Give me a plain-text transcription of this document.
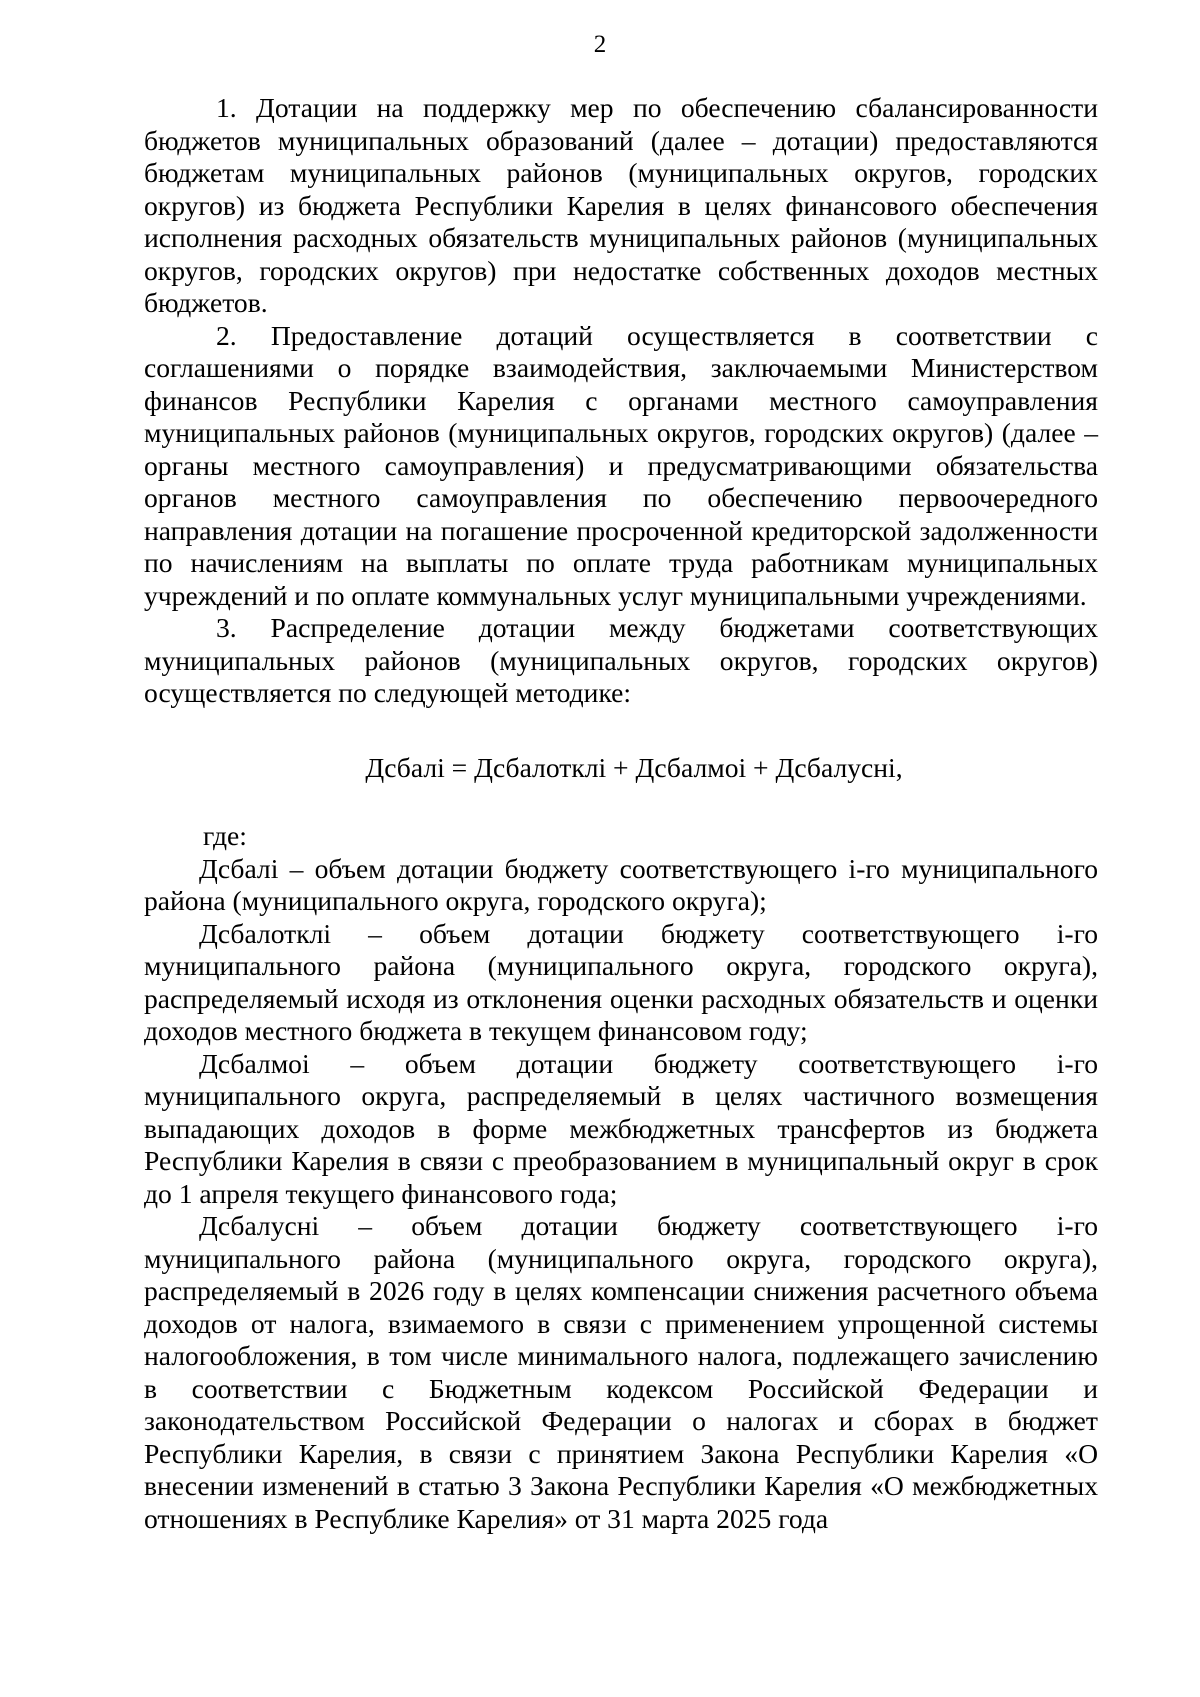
2

1. Дотации на поддержку мер по обеспечению сбалансированности бюджетов муниципальных образований (далее – дотации) предоставляются бюджетам муниципальных районов (муниципальных округов, городских округов) из бюджета Республики Карелия в целях финансового обеспечения исполнения расходных обязательств муниципальных районов (муниципальных округов, городских округов) при недостатке собственных доходов местных бюджетов.

2. Предоставление дотаций осуществляется в соответствии с соглашениями о порядке взаимодействия, заключаемыми Министерством финансов Республики Карелия с органами местного самоуправления муниципальных районов (муниципальных округов, городских округов) (далее – органы местного самоуправления) и предусматривающими обязательства органов местного самоуправления по обеспечению первоочередного направления дотации на погашение просроченной кредиторской задолженности по начислениям на выплаты по оплате труда работникам муниципальных учреждений и по оплате коммунальных услуг муниципальными учреждениями.

3. Распределение дотации между бюджетами соответствующих муниципальных районов (муниципальных округов, городских округов) осуществляется по следующей методике:

Дсбалі = Дсбалотклі + Дсбалмоі + Дсбалуснi,

где:

Дсбалі – объем дотации бюджету соответствующего i-го муниципального района (муниципального округа, городского округа);

Дсбалотклі – объем дотации бюджету соответствующего i-го муниципального района (муниципального округа, городского округа), распределяемый исходя из отклонения оценки расходных обязательств и оценки доходов местного бюджета в текущем финансовом году;

Дсбалмоі – объем дотации бюджету соответствующего i-го муниципального округа, распределяемый в целях частичного возмещения выпадающих доходов в форме межбюджетных трансфертов из бюджета Республики Карелия в связи с преобразованием в муниципальный округ в срок до 1 апреля текущего финансового года;

Дсбалуснi – объем дотации бюджету соответствующего i-го муниципального района (муниципального округа, городского округа), распределяемый в 2026 году в целях компенсации снижения расчетного объема доходов от налога, взимаемого в связи с применением упрощенной системы налогообложения, в том числе минимального налога, подлежащего зачислению в соответствии с Бюджетным кодексом Российской Федерации и законодательством Российской Федерации о налогах и сборах в бюджет Республики Карелия, в связи с принятием Закона Республики Карелия «О внесении изменений в статью 3 Закона Республики Карелия «О межбюджетных отношениях в Республике Карелия» от 31 марта 2025 года
